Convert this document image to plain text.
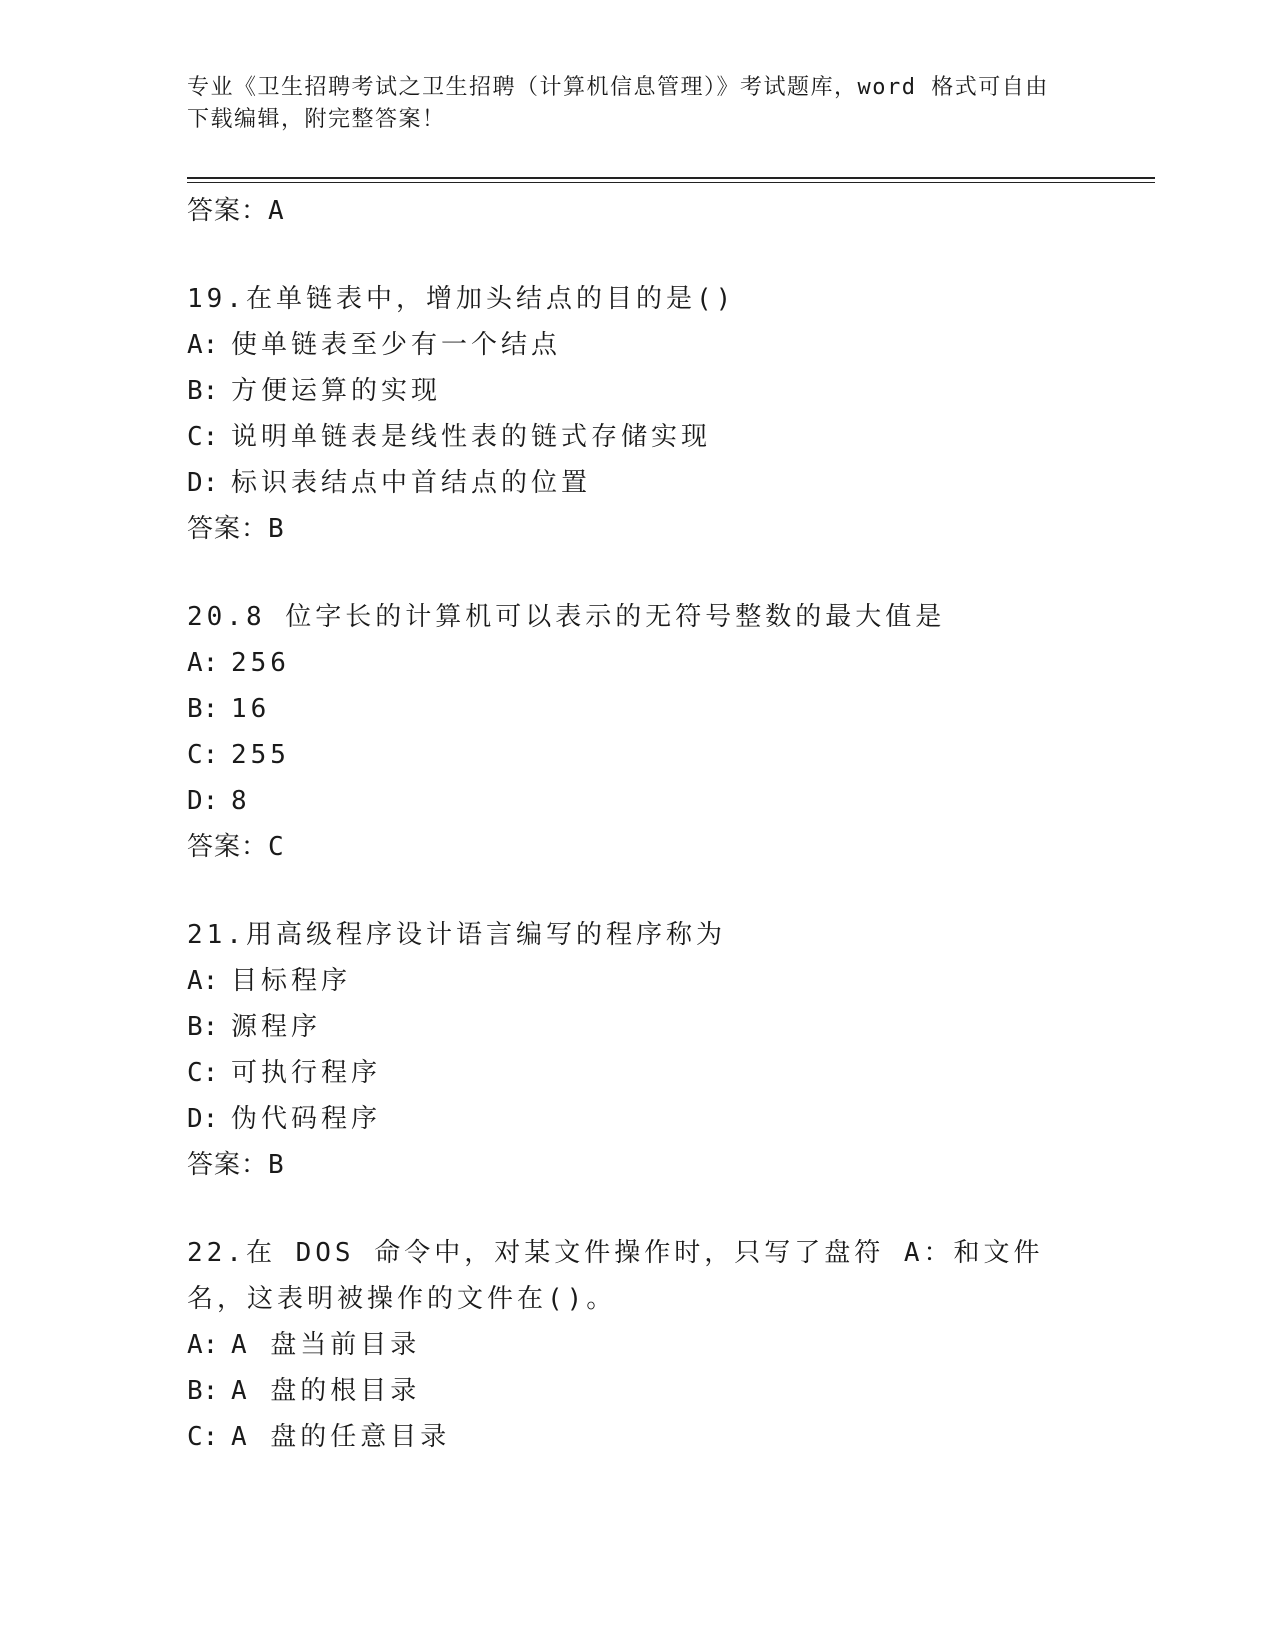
专业《卫生招聘考试之卫生招聘（计算机信息管理）》考试题库，word 格式可自由下载编辑，附完整答案！
答案：A
19.在单链表中，增加头结点的目的是()
A: 使单链表至少有一个结点
B: 方便运算的实现
C: 说明单链表是线性表的链式存储实现
D: 标识表结点中首结点的位置
答案：B
20.8 位字长的计算机可以表示的无符号整数的最大值是
A: 256
B: 16
C: 255
D: 8
答案：C
21.用高级程序设计语言编写的程序称为
A: 目标程序
B: 源程序
C: 可执行程序
D: 伪代码程序
答案：B
22.在 DOS 命令中，对某文件操作时，只写了盘符 A：和文件名，这表明被操作的文件在()。
A: A 盘当前目录
B: A 盘的根目录
C: A 盘的任意目录
